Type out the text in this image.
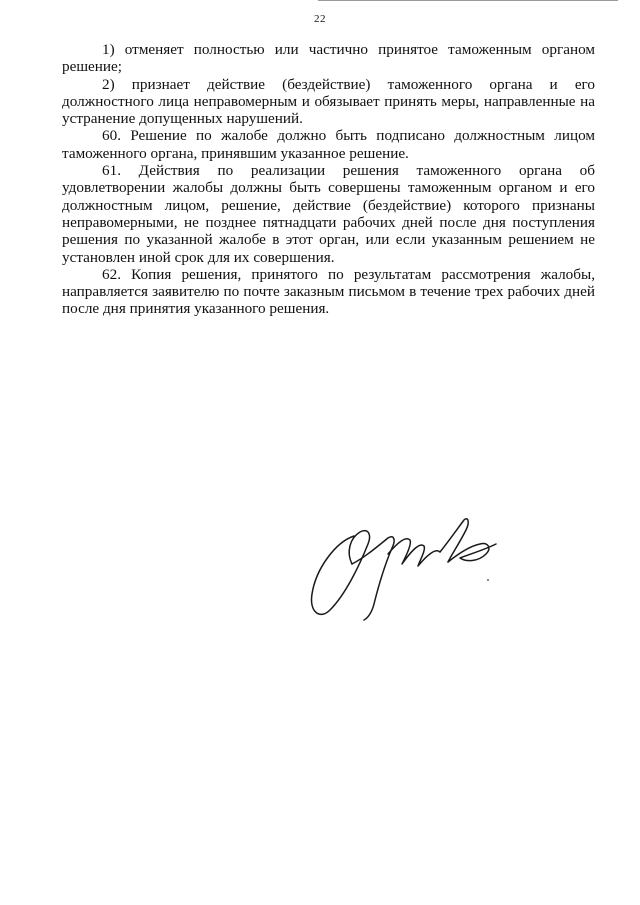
22

1) отменяет полностью или частично принятое таможенным органом решение;

2) признает действие (бездействие) таможенного органа и его должностного лица неправомерным и обязывает принять меры, направленные на устранение допущенных нарушений.

60. Решение по жалобе должно быть подписано должностным лицом таможенного органа, принявшим указанное решение.

61. Действия по реализации решения таможенного органа об удовлетворении жалобы должны быть совершены таможенным органом и его должностным лицом, решение, действие (бездействие) которого признаны неправомерными, не позднее пятнадцати рабочих дней после дня поступления решения по указанной жалобе в этот орган, или если указанным решением не установлен иной срок для их совершения.

62. Копия решения, принятого по результатам рассмотрения жалобы, направляется заявителю по почте заказным письмом в течение трех рабочих дней после дня принятия указанного решения.
